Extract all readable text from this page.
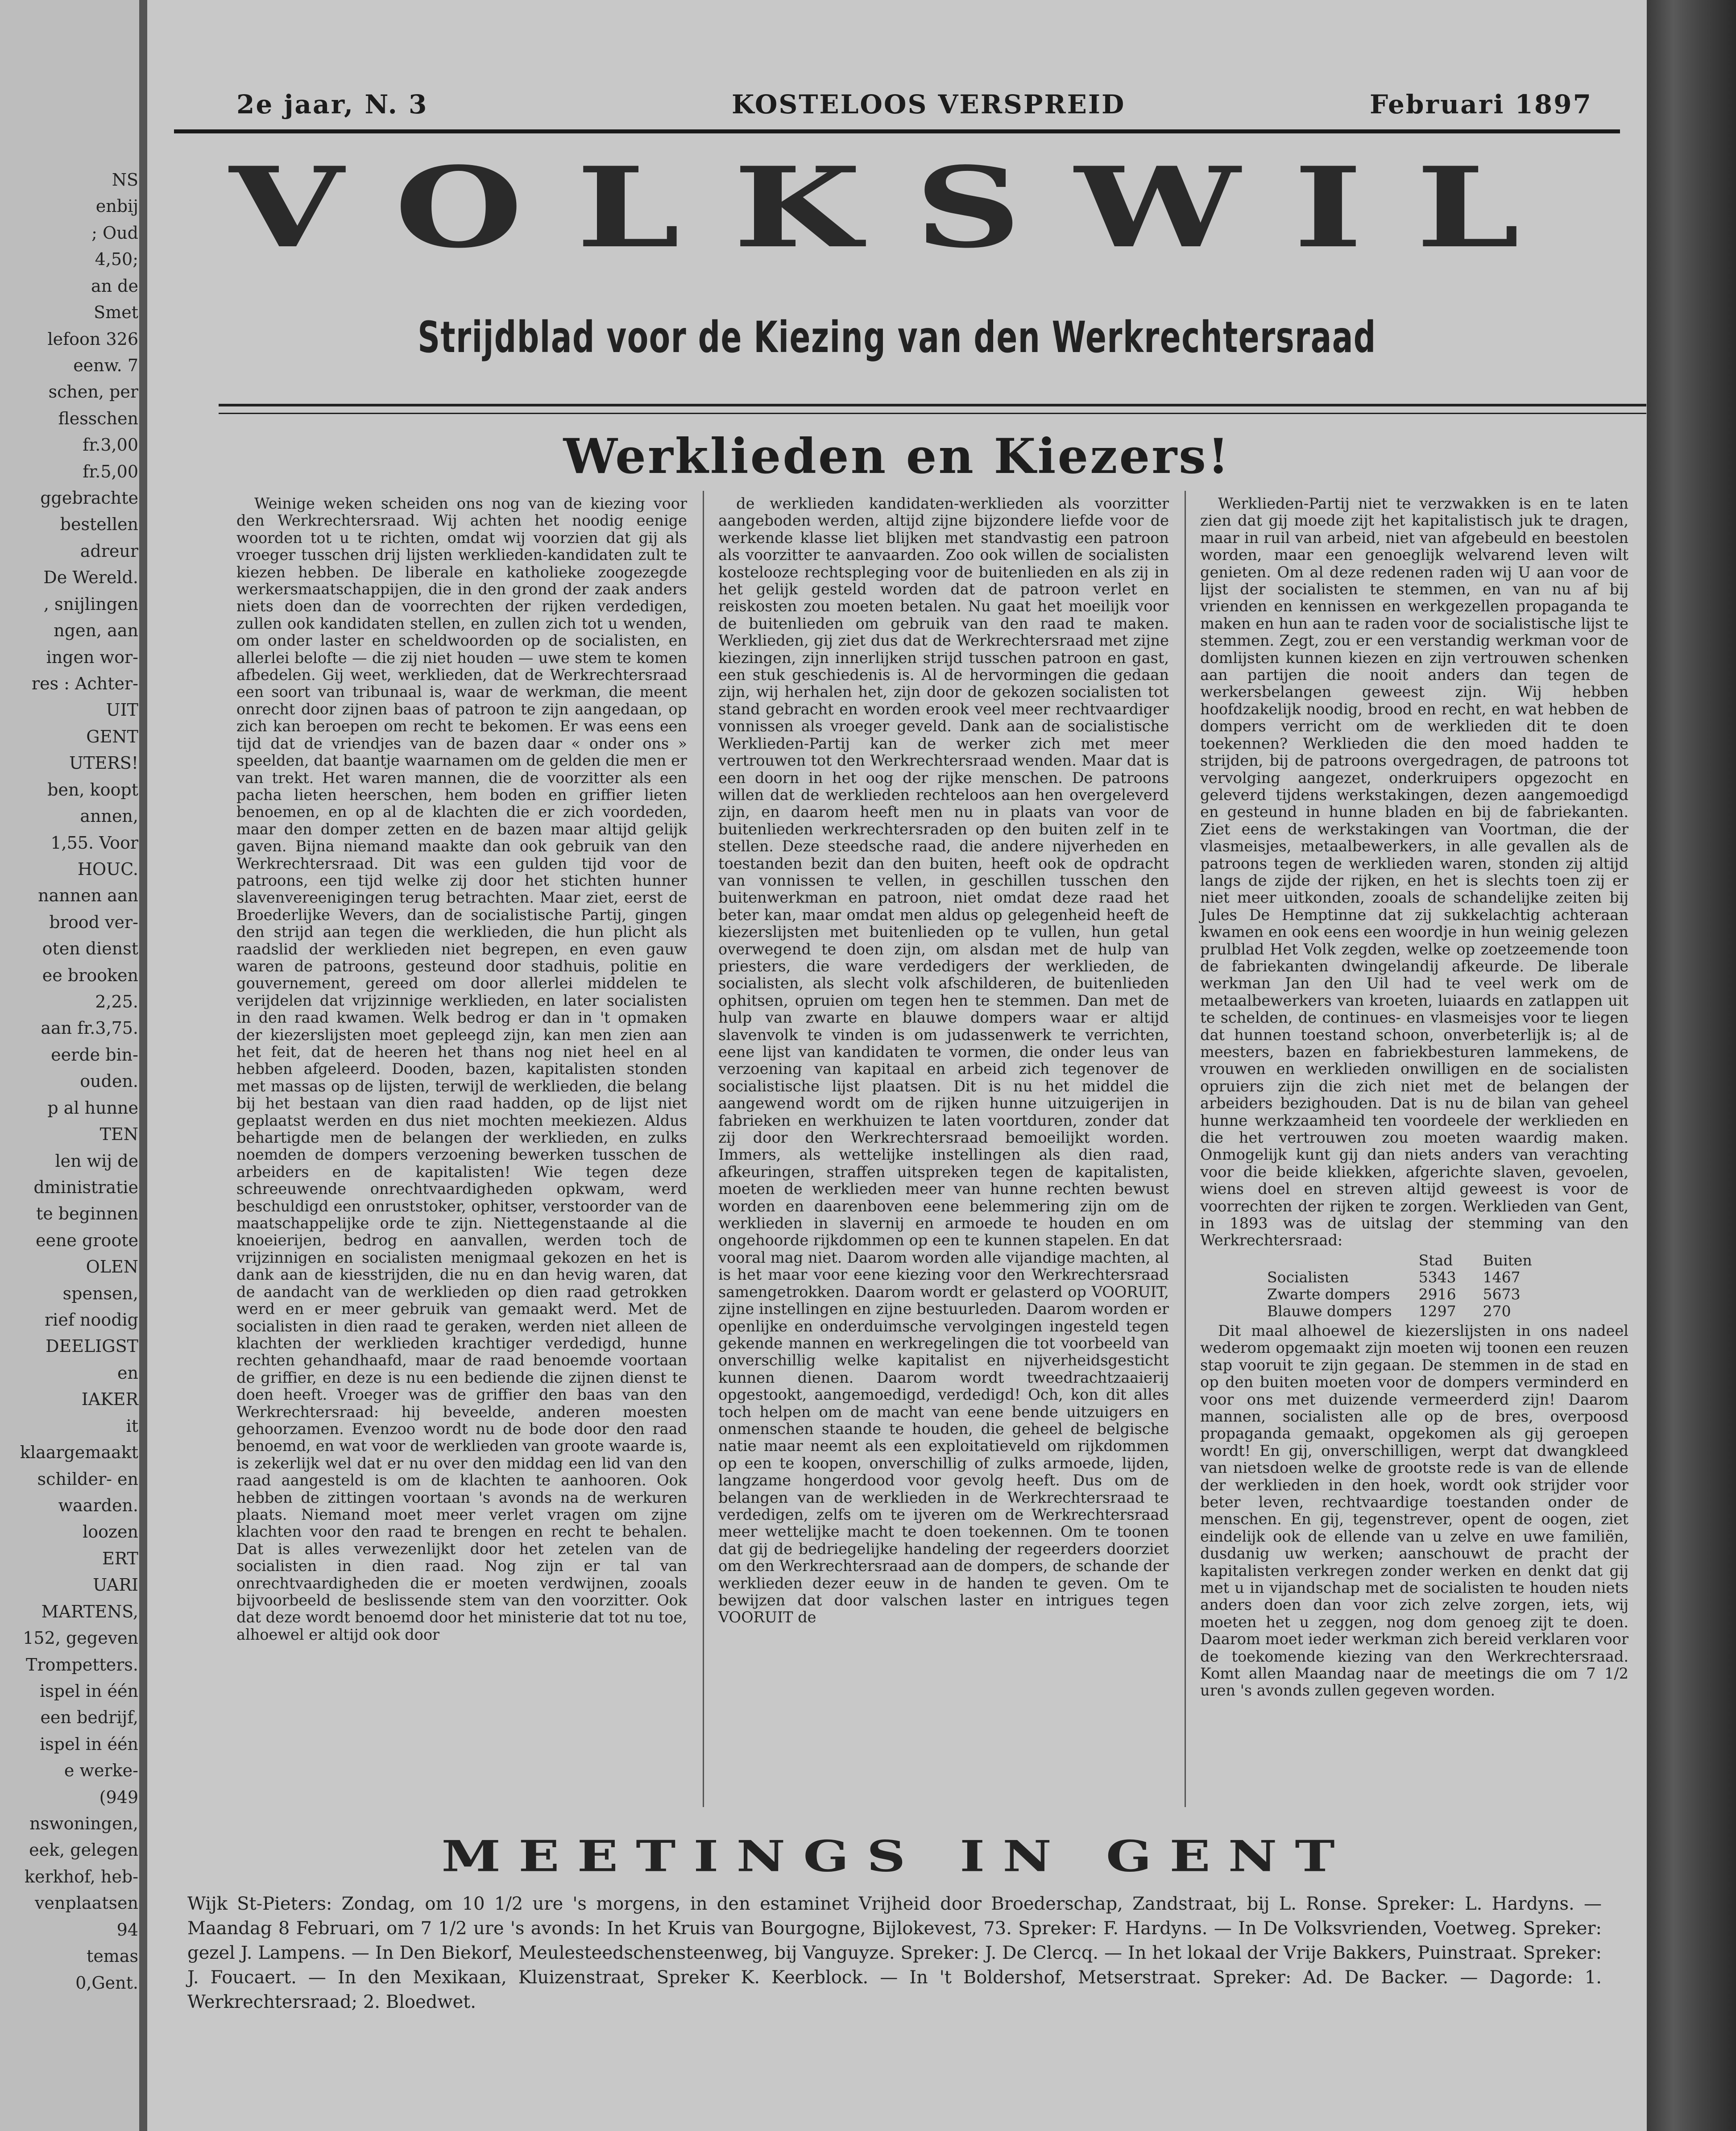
NS
enbij
; Oud
4,50;
an de
Smet
lefoon 326
eenw. 7
schen, per
flesschen
fr.3,00
fr.5,00
ggebrachte
bestellen
adreur
De Wereld.
, snijlingen
ngen, aan
ingen wor-
res : Achter-
UIT
GENT
UTERS!
ben, koopt
annen,
1,55. Voor
HOUC.
nannen aan
brood ver-
oten dienst
ee brooken
2,25.
aan fr.3,75.
eerde bin-
ouden.
p al hunne
TEN
len wij de
dministratie
te beginnen
eene groote
OLEN
spensen,
rief noodig
DEELIGST
en
IAKER
it
klaargemaakt
schilder- en
waarden.
loozen
ERT
UARI
MARTENS,
152, gegeven
Trompetters.
ispel in één
een bedrijf,
ispel in één
e werke-
(949
nswoningen,
eek, gelegen
kerkhof, heb-
venplaatsen
94
temas
0,Gent.
2e jaar, N. 3	KOSTELOOS VERSPREID	Februari 1897
VOLKSWIL
Strijdblad voor de Kiezing van den Werkrechtersraad
Werklieden en Kiezers!

Weinige weken scheiden ons nog van de kiezing voor den Werkrechtersraad. Wij achten het noodig eenige woorden tot u te richten, omdat wij voorzien dat gij als vroeger tusschen drij lijsten werklieden-kandidaten zult te kiezen hebben. De liberale en katholieke zoogezegde werkersmaatschappijen, die in den grond der zaak anders niets doen dan de voorrechten der rijken verdedigen, zullen ook kandidaten stellen, en zullen zich tot u wenden, om onder laster en scheldwoorden op de socialisten, en allerlei belofte — die zij niet houden — uwe stem te komen afbedelen. Gij weet, werklieden, dat de Werkrechtersraad een soort van tribunaal is, waar de werkman, die meent onrecht door zijnen baas of patroon te zijn aangedaan, op zich kan beroepen om recht te bekomen. Er was eens een tijd dat de vriendjes van de bazen daar « onder ons » speelden, dat baantje waarnamen om de gelden die men er van trekt. Het waren mannen, die de voorzitter als een pacha lieten heerschen, hem boden en griffier lieten benoemen, en op al de klachten die er zich voordeden, maar den domper zetten en de bazen maar altijd gelijk gaven. Bijna niemand maakte dan ook gebruik van den Werkrechtersraad. Dit was een gulden tijd voor de patroons, een tijd welke zij door het stichten hunner slavenvereenigingen terug betrachten. Maar ziet, eerst de Broederlijke Wevers, dan de socialistische Partij, gingen den strijd aan tegen die werklieden, die hun plicht als raadslid der werklieden niet begrepen, en even gauw waren de patroons, gesteund door stadhuis, politie en gouvernement, gereed om door allerlei middelen te verijdelen dat vrijzinnige werklieden, en later socialisten in den raad kwamen. Welk bedrog er dan in 't opmaken der kiezerslijsten moet gepleegd zijn, kan men zien aan het feit, dat de heeren het thans nog niet heel en al hebben afgeleerd. Dooden, bazen, kapitalisten stonden met massas op de lijsten, terwijl de werklieden, die belang bij het bestaan van dien raad hadden, op de lijst niet geplaatst werden en dus niet mochten meekiezen. Aldus behartigde men de belangen der werklieden, en zulks noemden de dompers verzoening bewerken tusschen de arbeiders en de kapitalisten! Wie tegen deze schreeuwende onrechtvaardigheden opkwam, werd beschuldigd een onruststoker, ophitser, verstoorder van de maatschappelijke orde te zijn. Niettegenstaande al die knoeierijen, bedrog en aanvallen, werden toch de vrijzinnigen en socialisten menigmaal gekozen en het is dank aan de kiesstrijden, die nu en dan hevig waren, dat de aandacht van de werklieden op dien raad getrokken werd en er meer gebruik van gemaakt werd. Met de socialisten in dien raad te geraken, werden niet alleen de klachten der werklieden krachtiger verdedigd, hunne rechten gehandhaafd, maar de raad benoemde voortaan de griffier, en deze is nu een bediende die zijnen dienst te doen heeft. Vroeger was de griffier den baas van den Werkrechtersraad: hij beveelde, anderen moesten gehoorzamen. Evenzoo wordt nu de bode door den raad benoemd, en wat voor de werklieden van groote waarde is, is zekerlijk wel dat er nu over den middag een lid van den raad aangesteld is om de klachten te aanhooren. Ook hebben de zittingen voortaan 's avonds na de werkuren plaats. Niemand moet meer verlet vragen om zijne klachten voor den raad te brengen en recht te behalen. Dat is alles verwezenlijkt door het zetelen van de socialisten in dien raad. Nog zijn er tal van onrechtvaardigheden die er moeten verdwijnen, zooals bijvoorbeeld de beslissende stem van den voorzitter. Ook dat deze wordt benoemd door het ministerie dat tot nu toe, alhoewel er altijd ook door

de werklieden kandidaten-werklieden als voorzitter aangeboden werden, altijd zijne bijzondere liefde voor de werkende klasse liet blijken met standvastig een patroon als voorzitter te aanvaarden. Zoo ook willen de socialisten kostelooze rechtspleging voor de buitenlieden en als zij in het gelijk gesteld worden dat de patroon verlet en reiskosten zou moeten betalen. Nu gaat het moeilijk voor de buitenlieden om gebruik van den raad te maken. Werklieden, gij ziet dus dat de Werkrechtersraad met zijne kiezingen, zijn innerlijken strijd tusschen patroon en gast, een stuk geschiedenis is. Al de hervormingen die gedaan zijn, wij herhalen het, zijn door de gekozen socialisten tot stand gebracht en worden erook veel meer rechtvaardiger vonnissen als vroeger geveld. Dank aan de socialistische Werklieden-Partij kan de werker zich met meer vertrouwen tot den Werkrechtersraad wenden. Maar dat is een doorn in het oog der rijke menschen. De patroons willen dat de werklieden rechteloos aan hen overgeleverd zijn, en daarom heeft men nu in plaats van voor de buitenlieden werkrechtersraden op den buiten zelf in te stellen. Deze steedsche raad, die andere nijverheden en toestanden bezit dan den buiten, heeft ook de opdracht van vonnissen te vellen, in geschillen tusschen den buitenwerkman en patroon, niet omdat deze raad het beter kan, maar omdat men aldus op gelegenheid heeft de kiezerslijsten met buitenlieden op te vullen, hun getal overwegend te doen zijn, om alsdan met de hulp van priesters, die ware verdedigers der werklieden, de socialisten, als slecht volk afschilderen, de buitenlieden ophitsen, opruien om tegen hen te stemmen. Dan met de hulp van zwarte en blauwe dompers waar er altijd slavenvolk te vinden is om judassenwerk te verrichten, eene lijst van kandidaten te vormen, die onder leus van verzoening van kapitaal en arbeid zich tegenover de socialistische lijst plaatsen. Dit is nu het middel die aangewend wordt om de rijken hunne uitzuigerijen in fabrieken en werkhuizen te laten voortduren, zonder dat zij door den Werkrechtersraad bemoeilijkt worden. Immers, als wettelijke instellingen als dien raad, afkeuringen, straffen uitspreken tegen de kapitalisten, moeten de werklieden meer van hunne rechten bewust worden en daarenboven eene belemmering zijn om de werklieden in slavernij en armoede te houden en om ongehoorde rijkdommen op een te kunnen stapelen. En dat vooral mag niet. Daarom worden alle vijandige machten, al is het maar voor eene kiezing voor den Werkrechtersraad samengetrokken. Daarom wordt er gelasterd op VOORUIT, zijne instellingen en zijne bestuurleden. Daarom worden er openlijke en onderduimsche vervolgingen ingesteld tegen gekende mannen en werkregelingen die tot voorbeeld van onverschillig welke kapitalist en nijverheidsgesticht kunnen dienen. Daarom wordt tweedrachtzaaierij opgestookt, aangemoedigd, verdedigd! Och, kon dit alles toch helpen om de macht van eene bende uitzuigers en onmenschen staande te houden, die geheel de belgische natie maar neemt als een exploitatieveld om rijkdommen op een te koopen, onverschillig of zulks armoede, lijden, langzame hongerdood voor gevolg heeft. Dus om de belangen van de werklieden in de Werkrechtersraad te verdedigen, zelfs om te ijveren om de Werkrechtersraad meer wettelijke macht te doen toekennen. Om te toonen dat gij de bedriegelijke handeling der regeerders doorziet om den Werkrechtersraad aan de dompers, de schande der werklieden dezer eeuw in de handen te geven. Om te bewijzen dat door valschen laster en intrigues tegen VOORUIT de

Werklieden-Partij niet te verzwakken is en te laten zien dat gij moede zijt het kapitalistisch juk te dragen, maar in ruil van arbeid, niet van afgebeuld en beestolen worden, maar een genoeglijk welvarend leven wilt genieten. Om al deze redenen raden wij U aan voor de lijst der socialisten te stemmen, en van nu af bij vrienden en kennissen en werkgezellen propaganda te maken en hun aan te raden voor de socialistische lijst te stemmen. Zegt, zou er een verstandig werkman voor de domlijsten kunnen kiezen en zijn vertrouwen schenken aan partijen die nooit anders dan tegen de werkersbelangen geweest zijn. Wij hebben hoofdzakelijk noodig, brood en recht, en wat hebben de dompers verricht om de werklieden dit te doen toekennen? Werklieden die den moed hadden te strijden, bij de patroons overgedragen, de patroons tot vervolging aangezet, onderkruipers opgezocht en geleverd tijdens werkstakingen, dezen aangemoedigd en gesteund in hunne bladen en bij de fabriekanten. Ziet eens de werkstakingen van Voortman, die der vlasmeisjes, metaalbewerkers, in alle gevallen als de patroons tegen de werklieden waren, stonden zij altijd langs de zijde der rijken, en het is slechts toen zij er niet meer uitkonden, zooals de schandelijke zeiten bij Jules De Hemptinne dat zij sukkelachtig achteraan kwamen en ook eens een woordje in hun weinig gelezen prulblad Het Volk zegden, welke op zoetzeemende toon de fabriekanten dwingelandij afkeurde. De liberale werkman Jan den Uil had te veel werk om de metaalbewerkers van kroeten, luiaards en zatlappen uit te schelden, de continues- en vlasmeisjes voor te liegen dat hunnen toestand schoon, onverbeterlijk is; al de meesters, bazen en fabriekbesturen lammekens, de vrouwen en werklieden onwilligen en de socialisten opruiers zijn die zich niet met de belangen der arbeiders bezighouden. Dat is nu de bilan van geheel hunne werkzaamheid ten voordeele der werklieden en die het vertrouwen zou moeten waardig maken. Onmogelijk kunt gij dan niets anders van verachting voor die beide kliekken, afgerichte slaven, gevoelen, wiens doel en streven altijd geweest is voor de voorrechten der rijken te zorgen. Werklieden van Gent, in 1893 was de uitslag der stemming van den Werkrechtersraad:

	Stad	Buiten
Socialisten	5343	1467
Zwarte dompers	2916	5673
Blauwe dompers	1297	270

Dit maal alhoewel de kiezerslijsten in ons nadeel wederom opgemaakt zijn moeten wij toonen een reuzen stap vooruit te zijn gegaan. De stemmen in de stad en op den buiten moeten voor de dompers verminderd en voor ons met duizende vermeerderd zijn! Daarom mannen, socialisten alle op de bres, overpoosd propaganda gemaakt, opgekomen als gij geroepen wordt! En gij, onverschilligen, werpt dat dwangkleed van nietsdoen welke de grootste rede is van de ellende der werklieden in den hoek, wordt ook strijder voor beter leven, rechtvaardige toestanden onder de menschen. En gij, tegenstrever, opent de oogen, ziet eindelijk ook de ellende van u zelve en uwe familiën, dusdanig uw werken; aanschouwt de pracht der kapitalisten verkregen zonder werken en denkt dat gij met u in vijandschap met de socialisten te houden niets anders doen dan voor zich zelve zorgen, iets, wij moeten het u zeggen, nog dom genoeg zijt te doen. Daarom moet ieder werkman zich bereid verklaren voor de toekomende kiezing van den Werkrechtersraad. Komt allen Maandag naar de meetings die om 7 1/2 uren 's avonds zullen gegeven worden.

MEETINGS IN GENT
Wijk St-Pieters: Zondag, om 10 1/2 ure 's morgens, in den estaminet Vrijheid door Broederschap, Zandstraat, bij L. Ronse. Spreker: L. Hardyns. — Maandag 8 Februari, om 7 1/2 ure 's avonds: In het Kruis van Bourgogne, Bijlokevest, 73. Spreker: F. Hardyns. — In De Volksvrienden, Voetweg. Spreker: gezel J. Lampens. — In Den Biekorf, Meulesteedschensteenweg, bij Vanguyze. Spreker: J. De Clercq. — In het lokaal der Vrije Bakkers, Puinstraat. Spreker: J. Foucaert. — In den Mexikaan, Kluizenstraat, Spreker K. Keerblock. — In 't Boldershof, Metserstraat. Spreker: Ad. De Backer. — Dagorde: 1. Werkrechtersraad; 2. Bloedwet.
